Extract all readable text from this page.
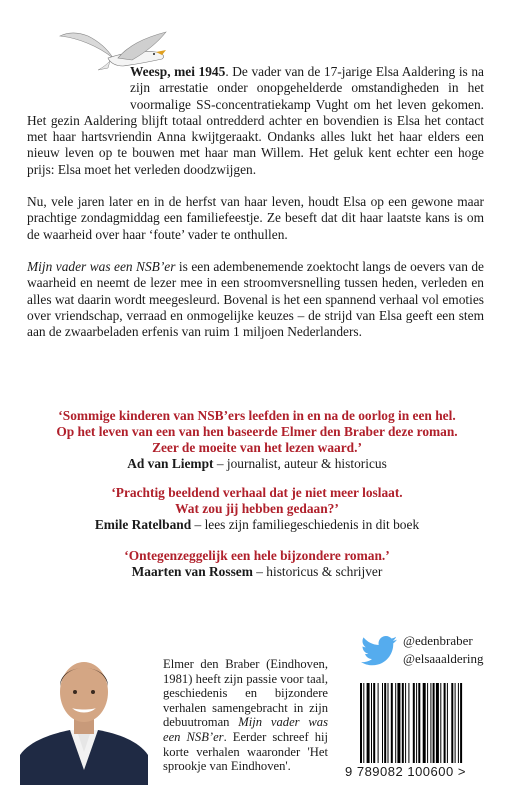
Weesp, mei 1945. De vader van de 17-jarige Elsa Aaldering is na zijn arrestatie onder onopgehelderde omstandigheden in het voormalige SS-concentratiekamp Vught om het leven gekomen. Het gezin Aaldering blijft totaal ontredderd achter en bovendien is Elsa het contact met haar hartsvriendin Anna kwijtgeraakt. Ondanks alles lukt het haar elders een nieuw leven op te bouwen met haar man Willem. Het geluk kent echter een hoge prijs: Elsa moet het verleden doodzwijgen.

Nu, vele jaren later en in de herfst van haar leven, houdt Elsa op een gewone maar prachtige zondagmiddag een familiefeestje. Ze beseft dat dit haar laatste kans is om de waarheid over haar ‘foute’ vader te onthullen.

Mijn vader was een NSB’er is een adembenemende zoektocht langs de oevers van de waarheid en neemt de lezer mee in een stroomversnelling tussen heden, verleden en alles wat daarin wordt meegesleurd. Bovenal is het een spannend verhaal vol emoties over vriendschap, verraad en onmogelijke keuzes – de strijd van Elsa geeft een stem aan de zwaarbeladen erfenis van ruim 1 miljoen Nederlanders.

‘Sommige kinderen van NSB’ers leefden in en na de oorlog in een hel.
Op het leven van een van hen baseerde Elmer den Braber deze roman.
Zeer de moeite van het lezen waard.’
Ad van Liempt – journalist, auteur & historicus
‘Prachtig beeldend verhaal dat je niet meer loslaat.
Wat zou jij hebben gedaan?’
Emile Ratelband – lees zijn familiegeschiedenis in dit boek
‘Ontegenzeggelijk een hele bijzondere roman.’
Maarten van Rossem – historicus & schrijver
Elmer den Braber (Eindhoven, 1981) heeft zijn passie voor taal, geschiedenis en bijzondere verhalen samengebracht in zijn debuutroman Mijn vader was een NSB’er. Eerder schreef hij korte verhalen waaronder 'Het sprookje van Eindhoven'.
@edenbraber
@elsaaaldering
9 789082 100600 >
